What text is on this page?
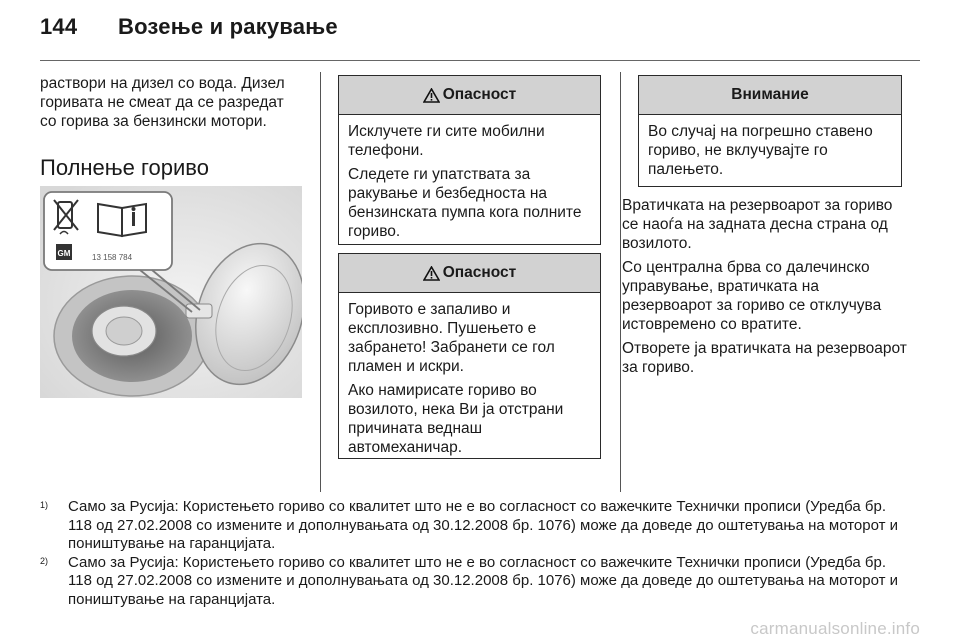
144 Возење и ракување

раствори на дизел со вода. Дизел горивата не смеат да се разредат со горива за бензински мотори.

Полнење гориво
GM	13 158 784
Опасност

Исклучете ги сите мобилни телефони.

Следете ги упатствата за ракување и безбедноста на бензинската пумпа кога полните гориво.

Опасност

Горивото е запаливо и експлозивно. Пушењето е забрането! Забранети се гол пламен и искри.

Ако намирисате гориво во возилото, нека Ви ја отстрани причината веднаш автомеханичар.

Внимание

Во случај на погрешно ставено гориво, не вклучувајте го палењето.

Вратичката на резервоарот за гориво се наоѓа на задната десна страна од возилото.

Со централна брва со далечинско управување, вратичката на резервоарот за гориво се отклучува истовремено со вратите.

Отворете ја вратичката на резервоарот за гориво.

1) Само за Русија: Користењето гориво со квалитет што не е во согласност со важечките Технички прописи (Уредба бр. 118 од 27.02.2008 со измените и дополнувањата од 30.12.2008 бр. 1076) може да доведе до оштетувања на моторот и поништување на гаранцијата.
2) Само за Русија: Користењето гориво со квалитет што не е во согласност со важечките Технички прописи (Уредба бр. 118 од 27.02.2008 со измените и дополнувањата од 30.12.2008 бр. 1076) може да доведе до оштетувања на моторот и поништување на гаранцијата.
carmanualsonline.info
